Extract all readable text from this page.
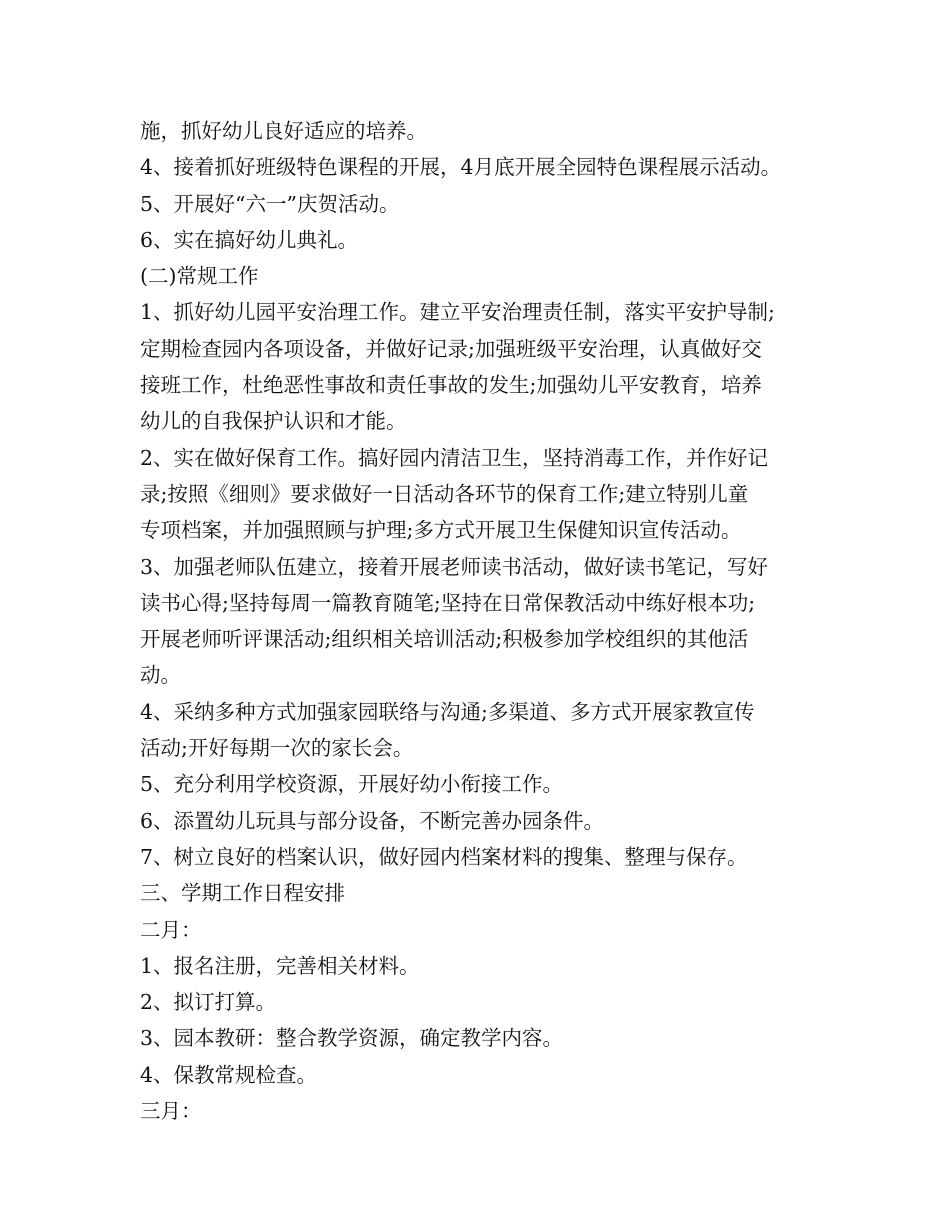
施，抓好幼儿良好适应的培养。
4、接着抓好班级特色课程的开展，4月底开展全园特色课程展示活动。
5、开展好“六一”庆贺活动。
6、实在搞好幼儿典礼。
(二)常规工作
1、抓好幼儿园平安治理工作。建立平安治理责任制，落实平安护导制;
定期检查园内各项设备，并做好记录;加强班级平安治理，认真做好交
接班工作，杜绝恶性事故和责任事故的发生;加强幼儿平安教育，培养
幼儿的自我保护认识和才能。
2、实在做好保育工作。搞好园内清洁卫生，坚持消毒工作，并作好记
录;按照《细则》要求做好一日活动各环节的保育工作;建立特别儿童
专项档案，并加强照顾与护理;多方式开展卫生保健知识宣传活动。
3、加强老师队伍建立，接着开展老师读书活动，做好读书笔记，写好
读书心得;坚持每周一篇教育随笔;坚持在日常保教活动中练好根本功;
开展老师听评课活动;组织相关培训活动;积极参加学校组织的其他活
动。
4、采纳多种方式加强家园联络与沟通;多渠道、多方式开展家教宣传
活动;开好每期一次的家长会。
5、充分利用学校资源，开展好幼小衔接工作。
6、添置幼儿玩具与部分设备，不断完善办园条件。
7、树立良好的档案认识，做好园内档案材料的搜集、整理与保存。
三、学期工作日程安排
二月：
1、报名注册，完善相关材料。
2、拟订打算。
3、园本教研：整合教学资源，确定教学内容。
4、保教常规检查。
三月：
